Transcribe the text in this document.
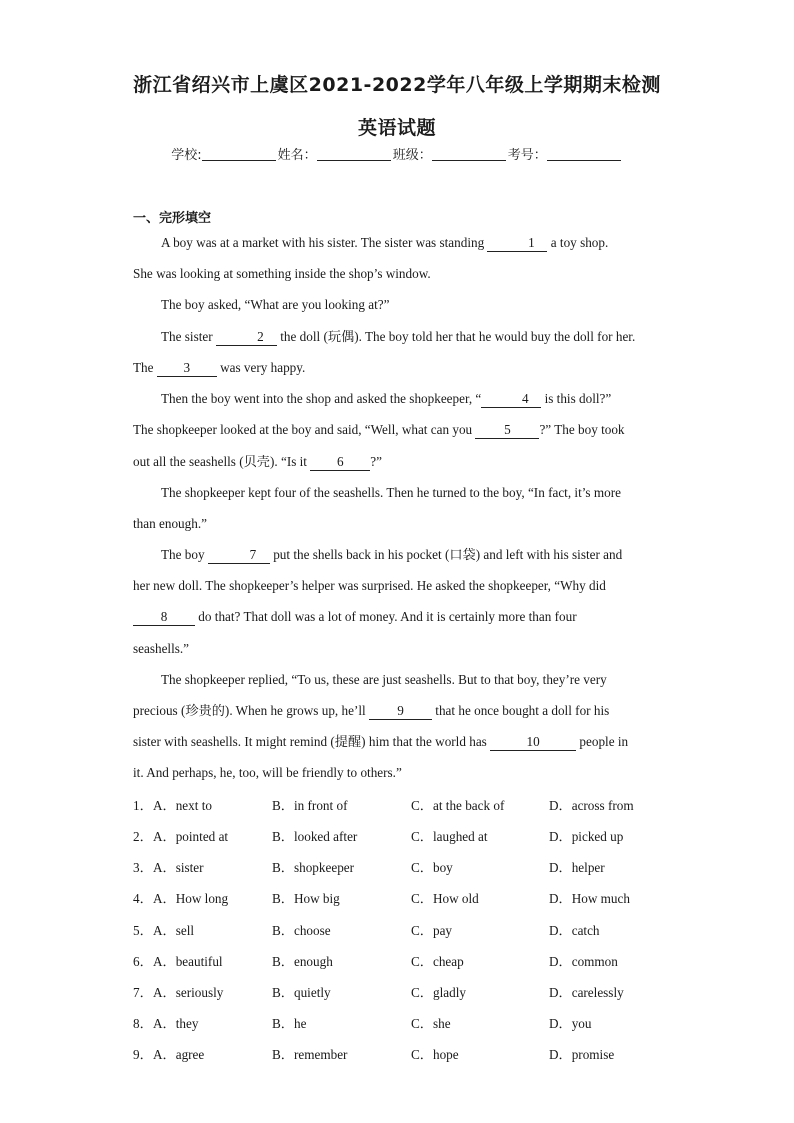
浙江省绍兴市上虞区2021-2022学年八年级上学期期末检测
英语试题
学校:	姓名：	班级：	考号：
一、完形填空

A boy was at a market with his sister. The sister was standing	1 a toy shop.

She was looking at something inside the shop’s window.

The boy asked, “What are you looking at?”

The sister	2 the doll (玩偶). The boy told her that he would buy the doll for her.

The 3 was very happy.

Then the boy went into the shop and asked the shopkeeper, “	4 is this doll?”

The shopkeeper looked at the boy and said, “Well, what can you 5 ?” The boy took

out all the seashells (贝壳). “Is it 6 ?”

The shopkeeper kept four of the seashells. Then he turned to the boy, “In fact, it’s more

than enough.”

The boy	7 put the shells back in his pocket (口袋) and left with his sister and

her new doll. The shopkeeper’s helper was surprised. He asked the shopkeeper, “Why did

8 do that? That doll was a lot of money. And it is certainly more than four

seashells.”

The shopkeeper replied, “To us, these are just seashells. But to that boy, they’re very

precious (珍贵的). When he grows up, he’ll 9 that he once bought a doll for his

sister with seashells. It might remind (提醒) him that the world has	10	people in

it. And perhaps, he, too, will be friendly to others.”

1． A．next to	B．in front of	C．at the back of	D．across from
2． A．pointed at	B．looked after	C．laughed at	D．picked up
3． A．sister	B．shopkeeper	C．boy	D．helper
4． A．How long	B．How big	C．How old	D．How much
5． A．sell	B．choose	C．pay	D．catch
6． A．beautiful	B．enough	C．cheap	D．common
7． A．seriously	B．quietly	C．gladly	D．carelessly
8． A．they	B．he	C．she	D．you
9． A．agree	B．remember	C．hope	D．promise
